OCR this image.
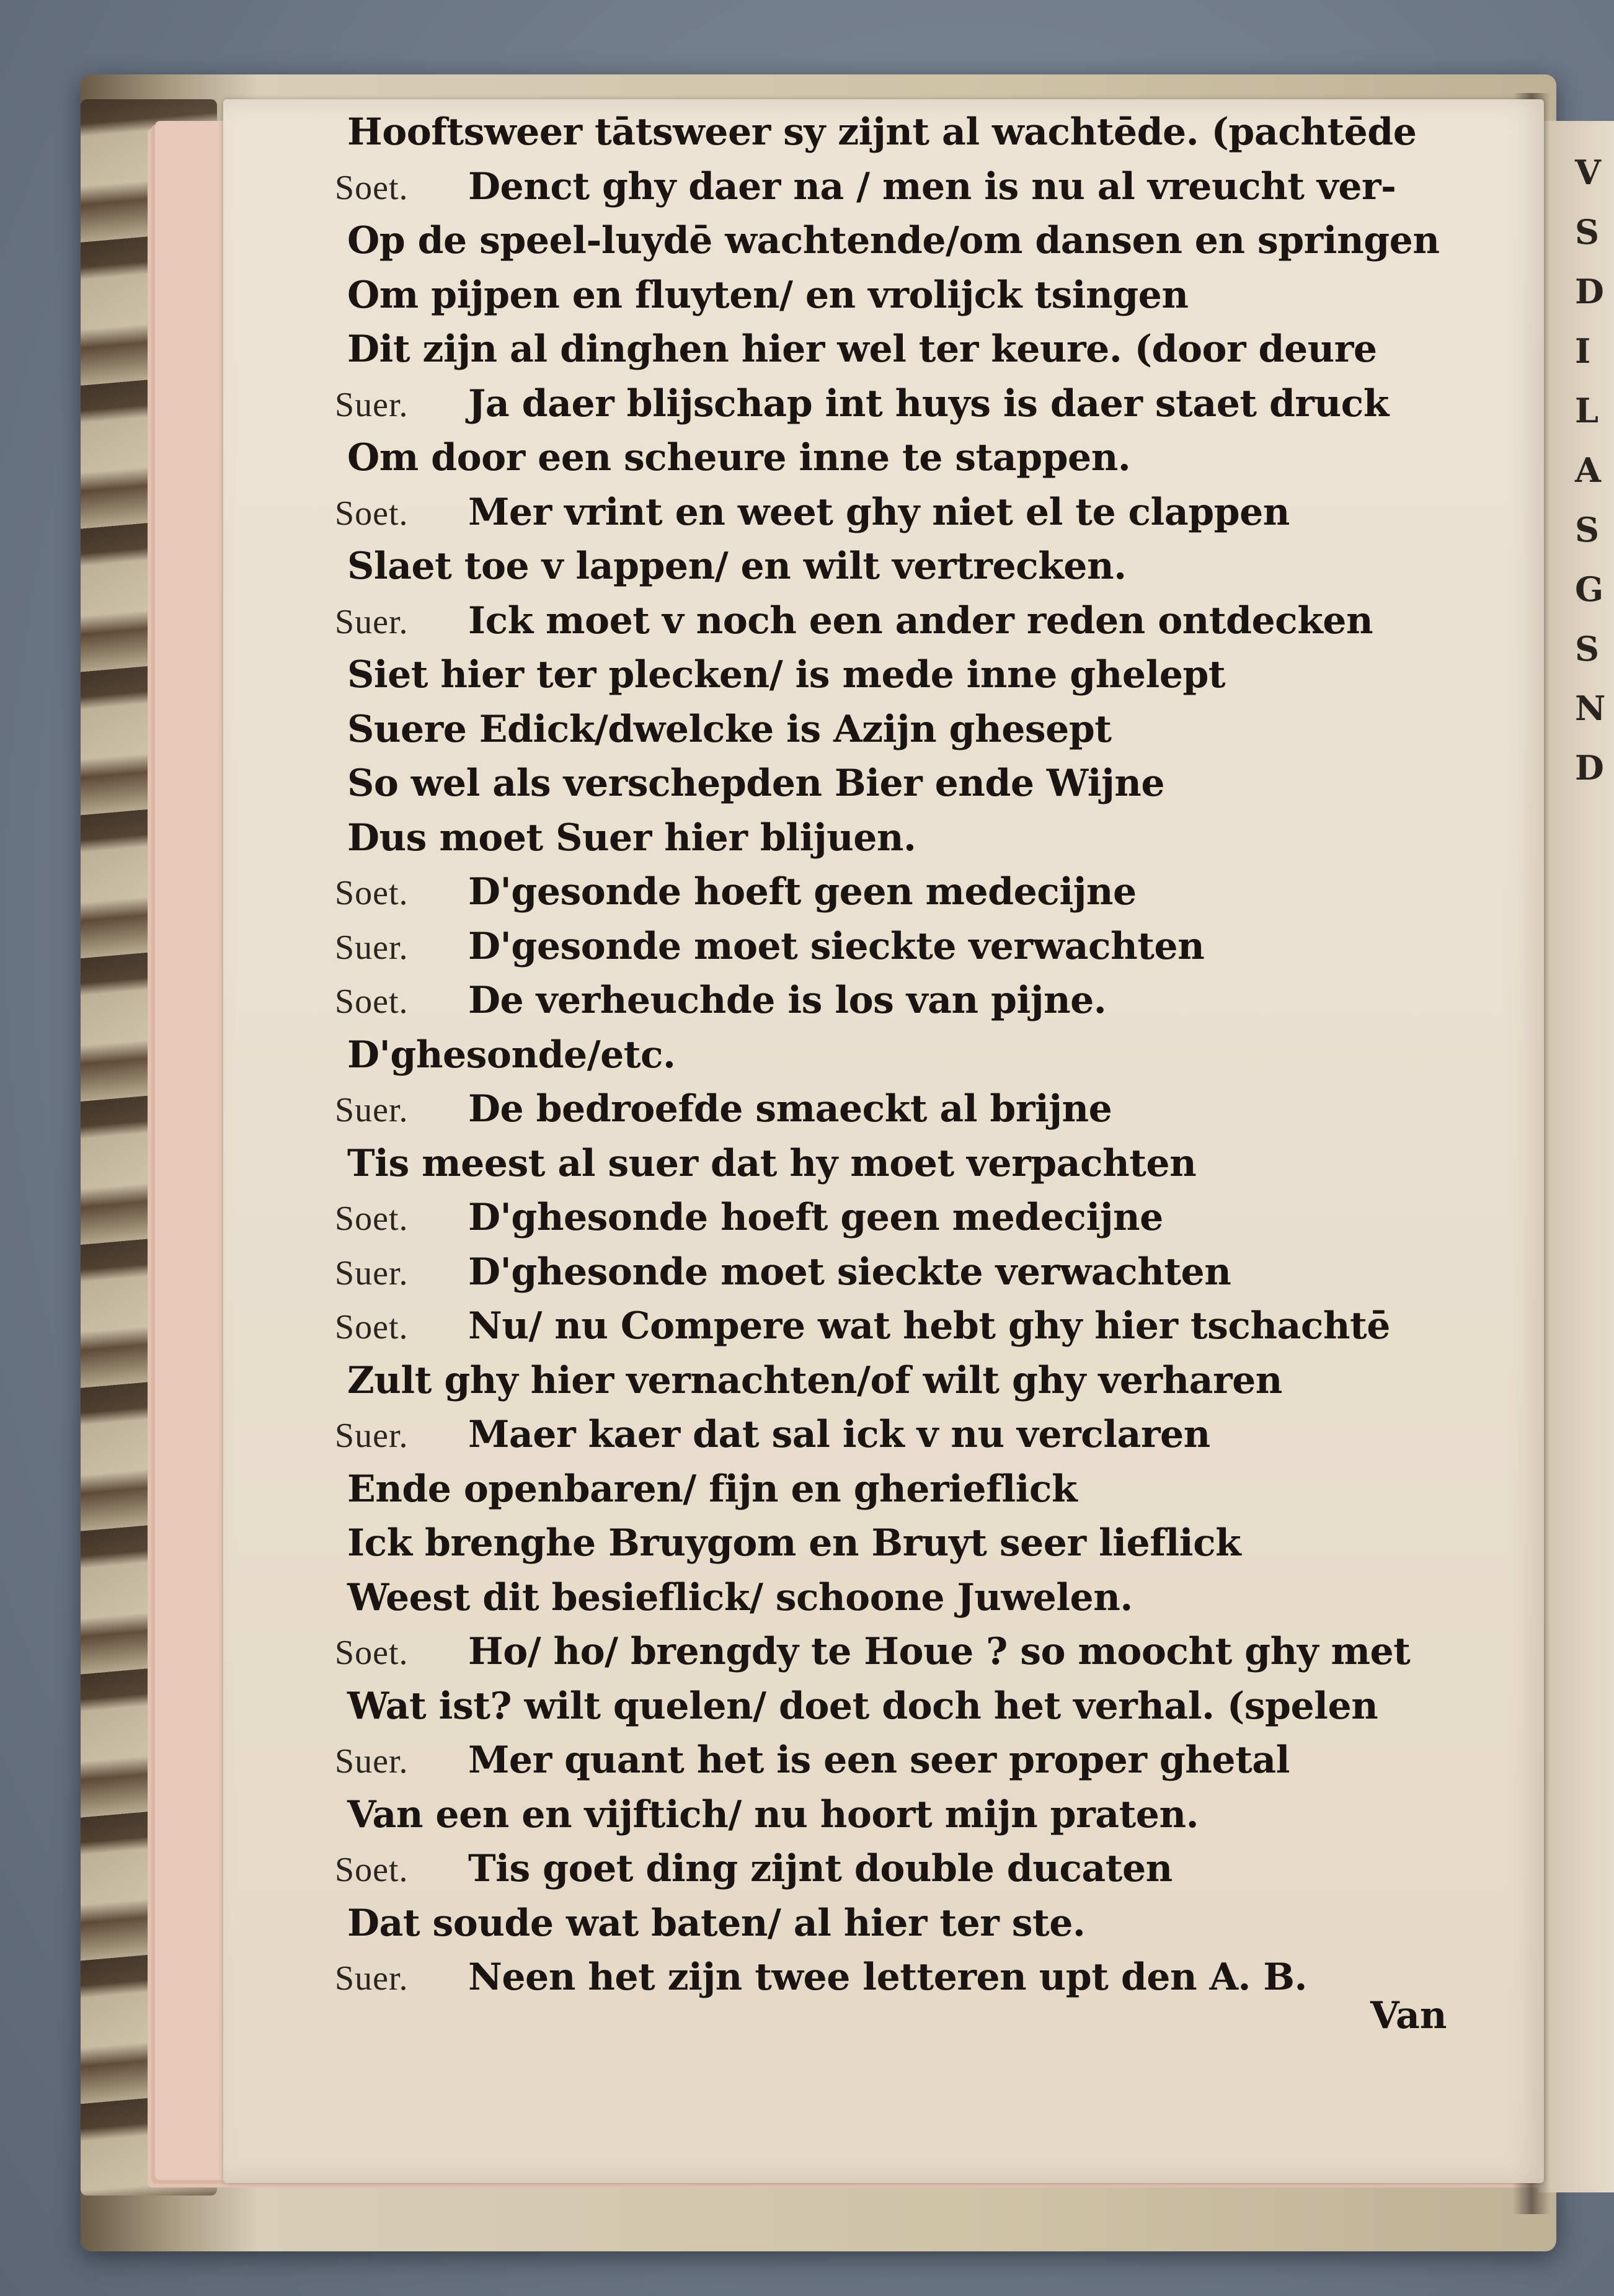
V
S
D
I
L
A
S
G
S
N
D
Hooftsweer tātsweer sy zijnt al wachtēde. (pachtēde
Soet. Denct ghy daer na / men is nu al vreucht ver-
Op de speel-luydē wachtende/om dansen en springen
Om pijpen en fluyten/ en vrolijck tsingen
Dit zijn al dinghen hier wel ter keure. (door deure
Suer. Ja daer blijschap int huys is daer staet druck
Om door een scheure inne te stappen.
Soet. Mer vrint en weet ghy niet el te clappen
Slaet toe v lappen/ en wilt vertrecken.
Suer. Ick moet v noch een ander reden ontdecken
Siet hier ter plecken/ is mede inne ghelept
Suere Edick/dwelcke is Azijn ghesept
So wel als verschepden Bier ende Wijne
Dus moet Suer hier blijuen.
Soet. D'gesonde hoeft geen medecijne
Suer. D'gesonde moet sieckte verwachten
Soet. De verheuchde is los van pijne.
D'ghesonde/etc.
Suer. De bedroefde smaeckt al brijne
Tis meest al suer dat hy moet verpachten
Soet. D'ghesonde hoeft geen medecijne
Suer. D'ghesonde moet sieckte verwachten
Soet. Nu/ nu Compere wat hebt ghy hier tschachtē
Zult ghy hier vernachten/of wilt ghy verharen
Suer. Maer kaer dat sal ick v nu verclaren
Ende openbaren/ fijn en gherieflick
Ick brenghe Bruygom en Bruyt seer lieflick
Weest dit besieflick/ schoone Juwelen.
Soet. Ho/ ho/ brengdy te Houe ? so moocht ghy met
Wat ist? wilt quelen/ doet doch het verhal. (spelen
Suer. Mer quant het is een seer proper ghetal
Van een en vijftich/ nu hoort mijn praten.
Soet. Tis goet ding zijnt double ducaten
Dat soude wat baten/ al hier ter ste.
Suer. Neen het zijn twee letteren upt den A. B.
Van
